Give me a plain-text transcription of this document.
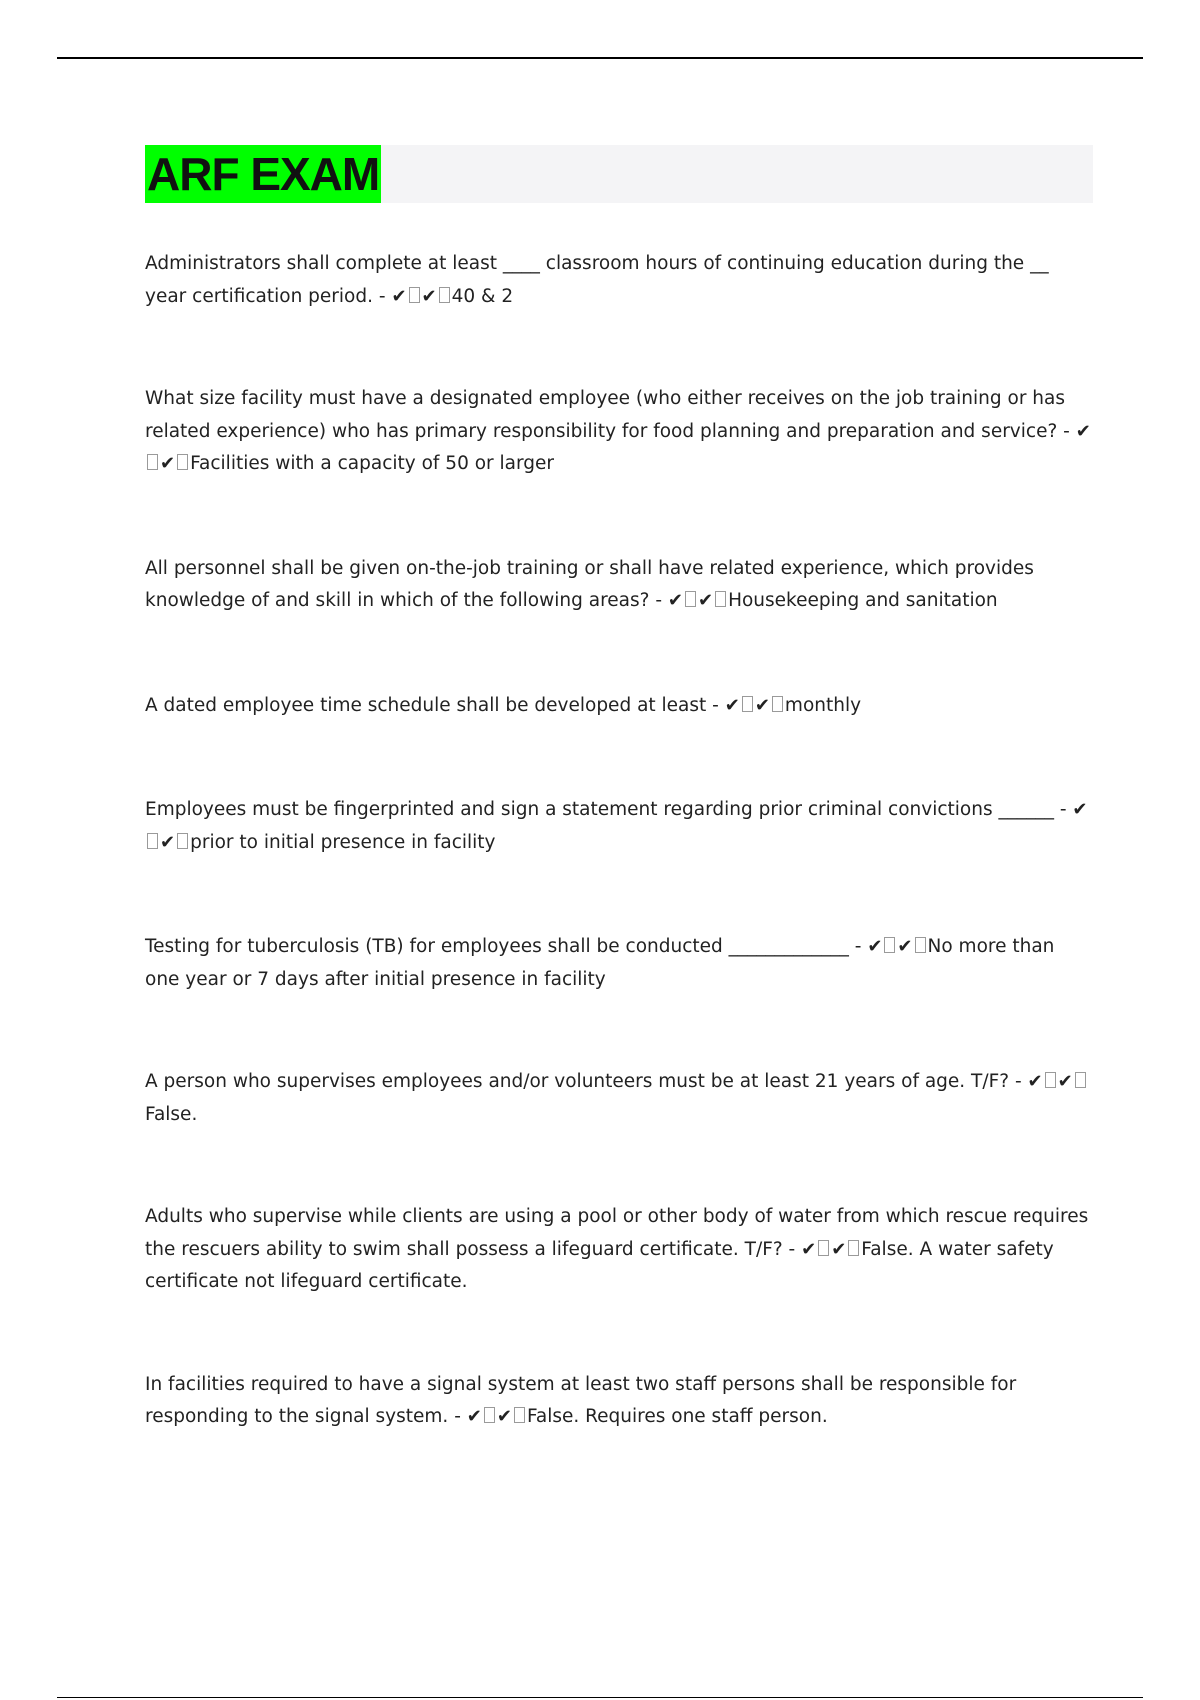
ARF EXAM

Administrators shall complete at least ____ classroom hours of continuing education during the __ year certification period. - ✔ ✔ 40 & 2

What size facility must have a designated employee (who either receives on the job training or has related experience) who has primary responsibility for food planning and preparation and service? - ✔✔ Facilities with a capacity of 50 or larger

All personnel shall be given on-the-job training or shall have related experience, which provides knowledge of and skill in which of the following areas? - ✔ ✔ Housekeeping and sanitation

A dated employee time schedule shall be developed at least - ✔ ✔ monthly

Employees must be fingerprinted and sign a statement regarding prior criminal convictions ______ - ✔✔ prior to initial presence in facility

Testing for tuberculosis (TB) for employees shall be conducted _____________ - ✔ ✔ No more than one year or 7 days after initial presence in facility

A person who supervises employees and/or volunteers must be at least 21 years of age. T/F? - ✔ ✔False.

Adults who supervise while clients are using a pool or other body of water from which rescue requires the rescuers ability to swim shall possess a lifeguard certificate. T/F? - ✔ ✔ False. A water safety certificate not lifeguard certificate.

In facilities required to have a signal system at least two staff persons shall be responsible for responding to the signal system. - ✔ ✔ False. Requires one staff person.
